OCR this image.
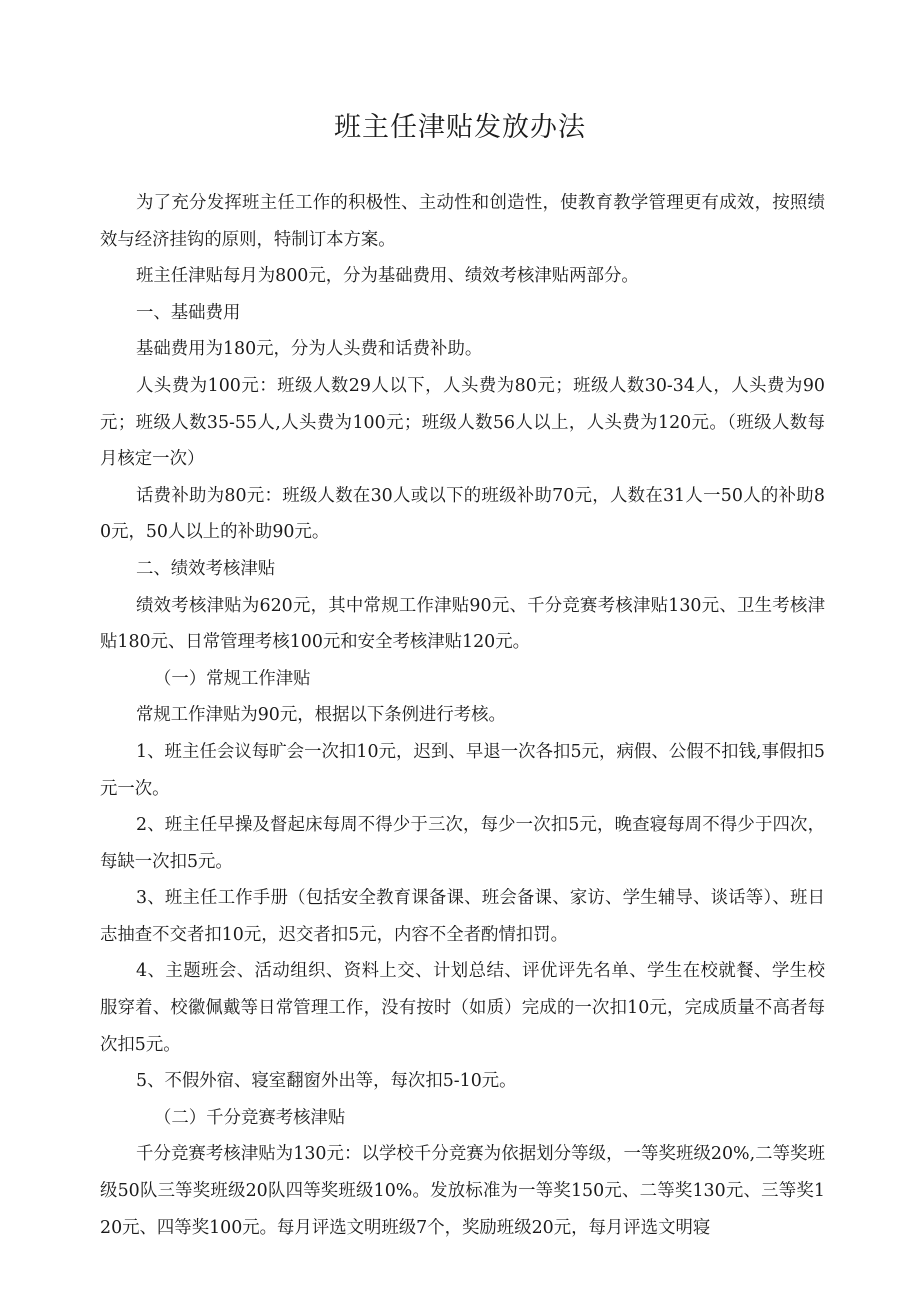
班主任津贴发放办法

为了充分发挥班主任工作的积极性、主动性和创造性，使教育教学管理更有成效，按照绩效与经济挂钩的原则，特制订本方案。

班主任津贴每月为800元，分为基础费用、绩效考核津贴两部分。

一、基础费用

基础费用为180元，分为人头费和话费补助。

人头费为100元：班级人数29人以下，人头费为80元；班级人数30-34人，人头费为90元；班级人数35-55人,人头费为100元；班级人数56人以上，人头费为120元。（班级人数每月核定一次）

话费补助为80元：班级人数在30人或以下的班级补助70元，人数在31人一50人的补助80元，50人以上的补助90元。

二、绩效考核津贴

绩效考核津贴为620元，其中常规工作津贴90元、千分竞赛考核津贴130元、卫生考核津贴180元、日常管理考核100元和安全考核津贴120元。

（一）常规工作津贴

常规工作津贴为90元，根据以下条例进行考核。

1、班主任会议每旷会一次扣10元，迟到、早退一次各扣5元，病假、公假不扣钱,事假扣5元一次。

2、班主任早操及督起床每周不得少于三次，每少一次扣5元，晚查寝每周不得少于四次，每缺一次扣5元。

3、班主任工作手册（包括安全教育课备课、班会备课、家访、学生辅导、谈话等）、班日志抽查不交者扣10元，迟交者扣5元，内容不全者酌情扣罚。

4、主题班会、活动组织、资料上交、计划总结、评优评先名单、学生在校就餐、学生校服穿着、校徽佩戴等日常管理工作，没有按时（如质）完成的一次扣10元，完成质量不高者每次扣5元。

5、不假外宿、寝室翻窗外出等，每次扣5-10元。

（二）千分竞赛考核津贴

千分竞赛考核津贴为130元：以学校千分竞赛为依据划分等级，一等奖班级20%,二等奖班级50队三等奖班级20队四等奖班级10%。发放标准为一等奖150元、二等奖130元、三等奖120元、四等奖100元。每月评选文明班级7个，奖励班级20元，每月评选文明寝
